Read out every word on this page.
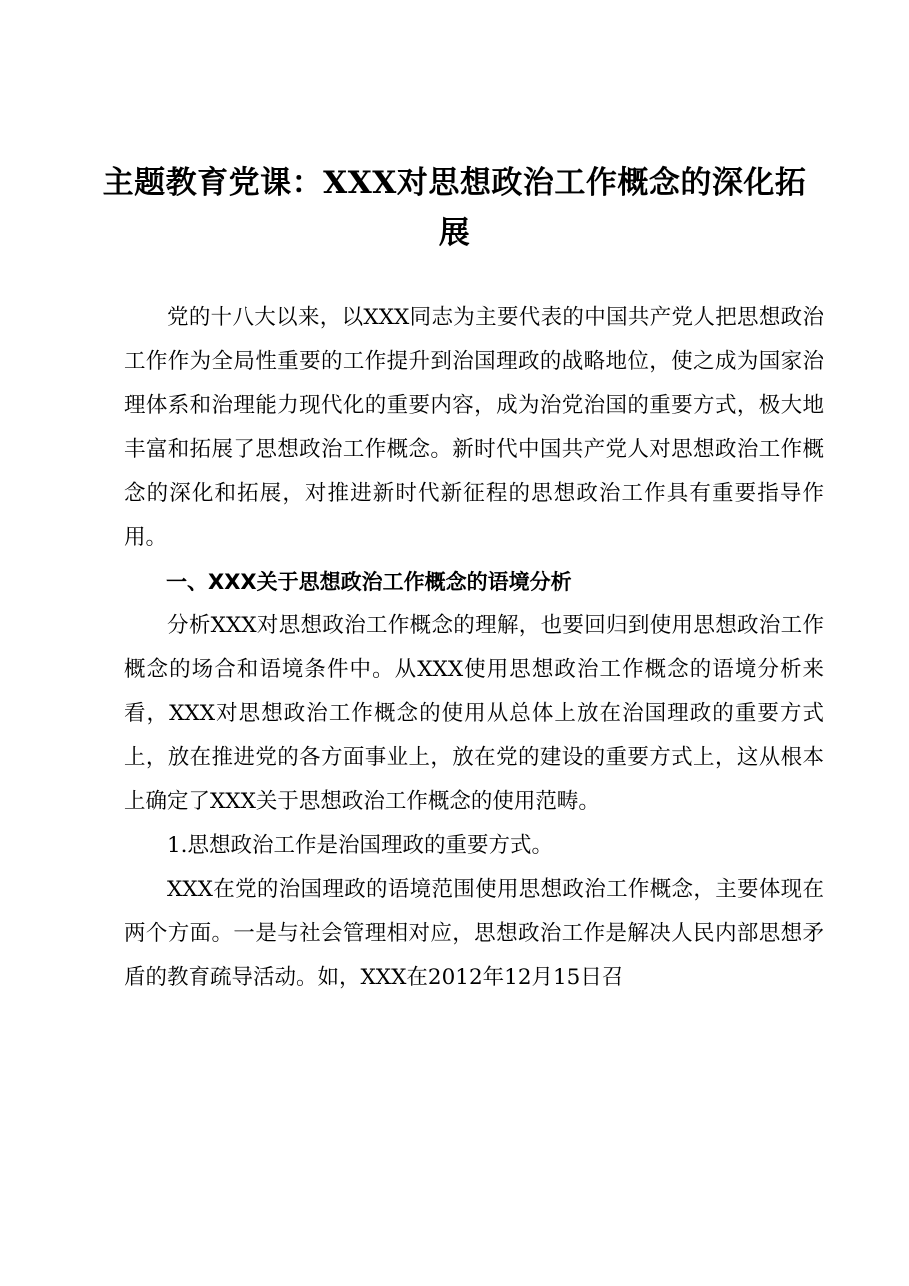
主题教育党课：XXX对思想政治工作概念的深化拓展

党的十八大以来，以XXX同志为主要代表的中国共产党人把思想政治工作作为全局性重要的工作提升到治国理政的战略地位，使之成为国家治理体系和治理能力现代化的重要内容，成为治党治国的重要方式，极大地丰富和拓展了思想政治工作概念。新时代中国共产党人对思想政治工作概念的深化和拓展，对推进新时代新征程的思想政治工作具有重要指导作用。

一、XXX关于思想政治工作概念的语境分析

分析XXX对思想政治工作概念的理解，也要回归到使用思想政治工作概念的场合和语境条件中。从XXX使用思想政治工作概念的语境分析来看，XXX对思想政治工作概念的使用从总体上放在治国理政的重要方式上，放在推进党的各方面事业上，放在党的建设的重要方式上，这从根本上确定了XXX关于思想政治工作概念的使用范畴。

1.思想政治工作是治国理政的重要方式。

XXX在党的治国理政的语境范围使用思想政治工作概念，主要体现在两个方面。一是与社会管理相对应，思想政治工作是解决人民内部思想矛盾的教育疏导活动。如，XXX在2012年12月15日召
